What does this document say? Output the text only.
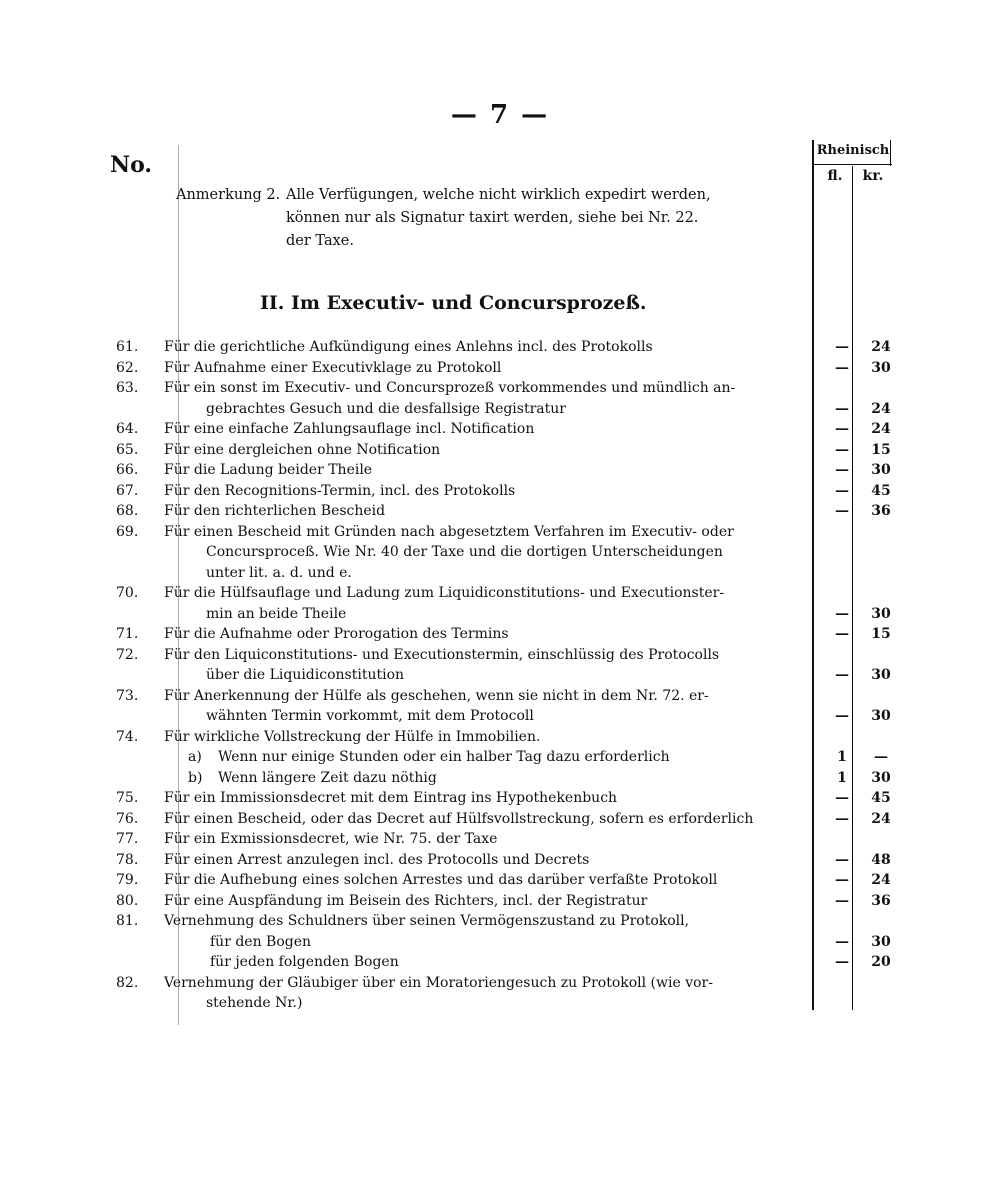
— 7 —
No.
Rheinisch
fl.	kr.
Anmerkung 2. Alle Verfügungen, welche nicht wirklich expedirt werden,
können nur als Signatur taxirt werden, siehe bei Nr. 22.
der Taxe.
II. Im Executiv- und Concursprozeß.
61.	Für die gerichtliche Aufkündigung eines Anlehns incl. des Protokolls	—	24
62.	Für Aufnahme einer Executivklage zu Protokoll	—	30
63.	Für ein sonst im Executiv- und Concursprozeß vorkommendes und mündlich an-
gebrachtes Gesuch und die desfallsige Registratur	—	24
64.	Für eine einfache Zahlungsauflage incl. Notification	—	24
65.	Für eine dergleichen ohne Notification	—	15
66.	Für die Ladung beider Theile	—	30
67.	Für den Recognitions-Termin, incl. des Protokolls	—	45
68.	Für den richterlichen Bescheid	—	36
69.	Für einen Bescheid mit Gründen nach abgesetztem Verfahren im Executiv- oder
Concursproceß. Wie Nr. 40 der Taxe und die dortigen Unterscheidungen
unter lit. a. d. und e.
70.	Für die Hülfsauflage und Ladung zum Liquidiconstitutions- und Executionster-
min an beide Theile	—	30
71.	Für die Aufnahme oder Prorogation des Termins	—	15
72.	Für den Liquiconstitutions- und Executionstermin, einschlüssig des Protocolls
über die Liquidiconstitution	—	30
73.	Für Anerkennung der Hülfe als geschehen, wenn sie nicht in dem Nr. 72. er-
wähnten Termin vorkommt, mit dem Protocoll	—	30
74.	Für wirkliche Vollstreckung der Hülfe in Immobilien.
a)	Wenn nur einige Stunden oder ein halber Tag dazu erforderlich	1	—
b)	Wenn längere Zeit dazu nöthig	1	30
75.	Für ein Immissionsdecret mit dem Eintrag ins Hypothekenbuch	—	45
76.	Für einen Bescheid, oder das Decret auf Hülfsvollstreckung, sofern es erforderlich	—	24
77.	Für ein Exmissionsdecret, wie Nr. 75. der Taxe
78.	Für einen Arrest anzulegen incl. des Protocolls und Decrets	—	48
79.	Für die Aufhebung eines solchen Arrestes und das darüber verfaßte Protokoll	—	24
80.	Für eine Auspfändung im Beisein des Richters, incl. der Registratur	—	36
81.	Vernehmung des Schuldners über seinen Vermögenszustand zu Protokoll,
für den Bogen	—	30
für jeden folgenden Bogen	—	20
82.	Vernehmung der Gläubiger über ein Moratoriengesuch zu Protokoll (wie vor-
stehende Nr.)
